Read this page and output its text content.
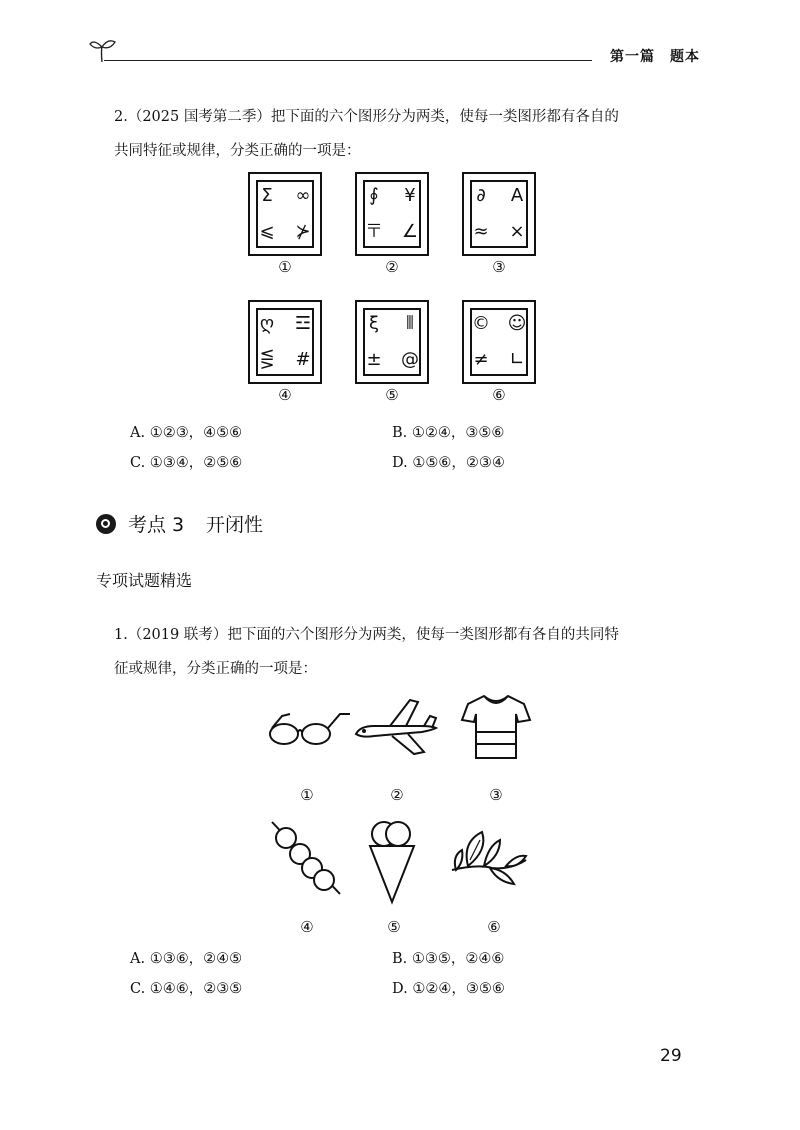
第一篇　题本
2.（2025 国考第二季）把下面的六个图形分为两类，使每一类图形都有各自的
共同特征或规律，分类正确的一项是：
Σ	∞
⩽	⊁
∮	¥
〒	∠
∂	A
≈	×
①	②	③
ღ	☲
⋚	#
ξ	⦀
±	@
© ☺
≠	∟
④	⑤	⑥
A. ①②③，④⑤⑥
C. ①③④，②⑤⑥
B. ①②④，③⑤⑥
D. ①⑤⑥，②③④
考点 3 开闭性
专项试题精选
1.（2019 联考）把下面的六个图形分为两类，使每一类图形都有各自的共同特
征或规律，分类正确的一项是：
①	②	③
④	⑤	⑥
A. ①③⑥，②④⑤
C. ①④⑥，②③⑤
B. ①③⑤，②④⑥
D. ①②④，③⑤⑥
29
